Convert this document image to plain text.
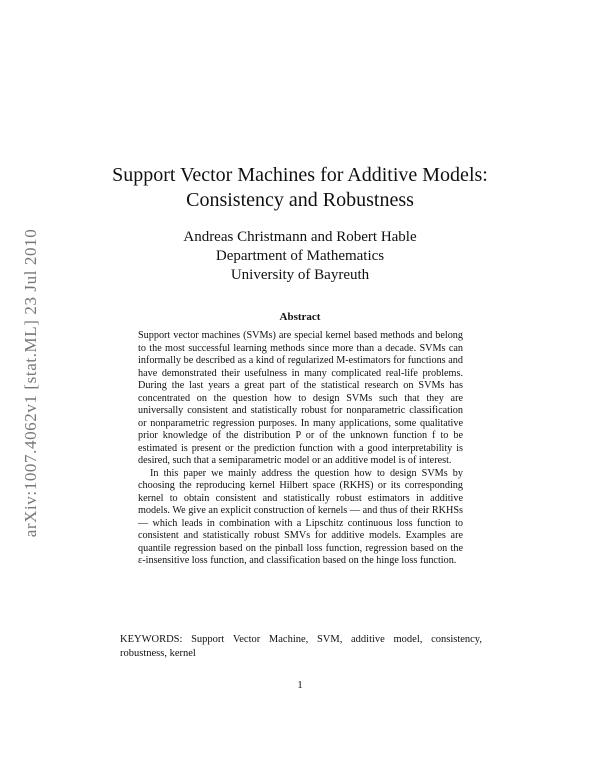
arXiv:1007.4062v1 [stat.ML] 23 Jul 2010
Support Vector Machines for Additive Models:
Consistency and Robustness
Andreas Christmann and Robert Hable
Department of Mathematics
University of Bayreuth
Abstract

Support vector machines (SVMs) are special kernel based methods and belong to the most successful learning methods since more than a decade. SVMs can informally be described as a kind of regularized M-estimators for functions and have demonstrated their usefulness in many complicated real-life problems. During the last years a great part of the statistical research on SVMs has concentrated on the question how to design SVMs such that they are universally consistent and statistically robust for nonparametric classification or nonparametric regression purposes. In many applications, some qualitative prior knowledge of the distribution P or of the unknown function f to be estimated is present or the prediction function with a good interpretability is desired, such that a semiparametric model or an additive model is of interest.

In this paper we mainly address the question how to design SVMs by choosing the reproducing kernel Hilbert space (RKHS) or its corresponding kernel to obtain consistent and statistically robust estimators in additive models. We give an explicit construction of kernels — and thus of their RKHSs — which leads in combination with a Lipschitz continuous loss function to consistent and statistically robust SMVs for additive models. Examples are quantile regression based on the pinball loss function, regression based on the ε-insensitive loss function, and classification based on the hinge loss function.

KEYWORDS: Support Vector Machine, SVM, additive model, consistency, robustness, kernel
1
